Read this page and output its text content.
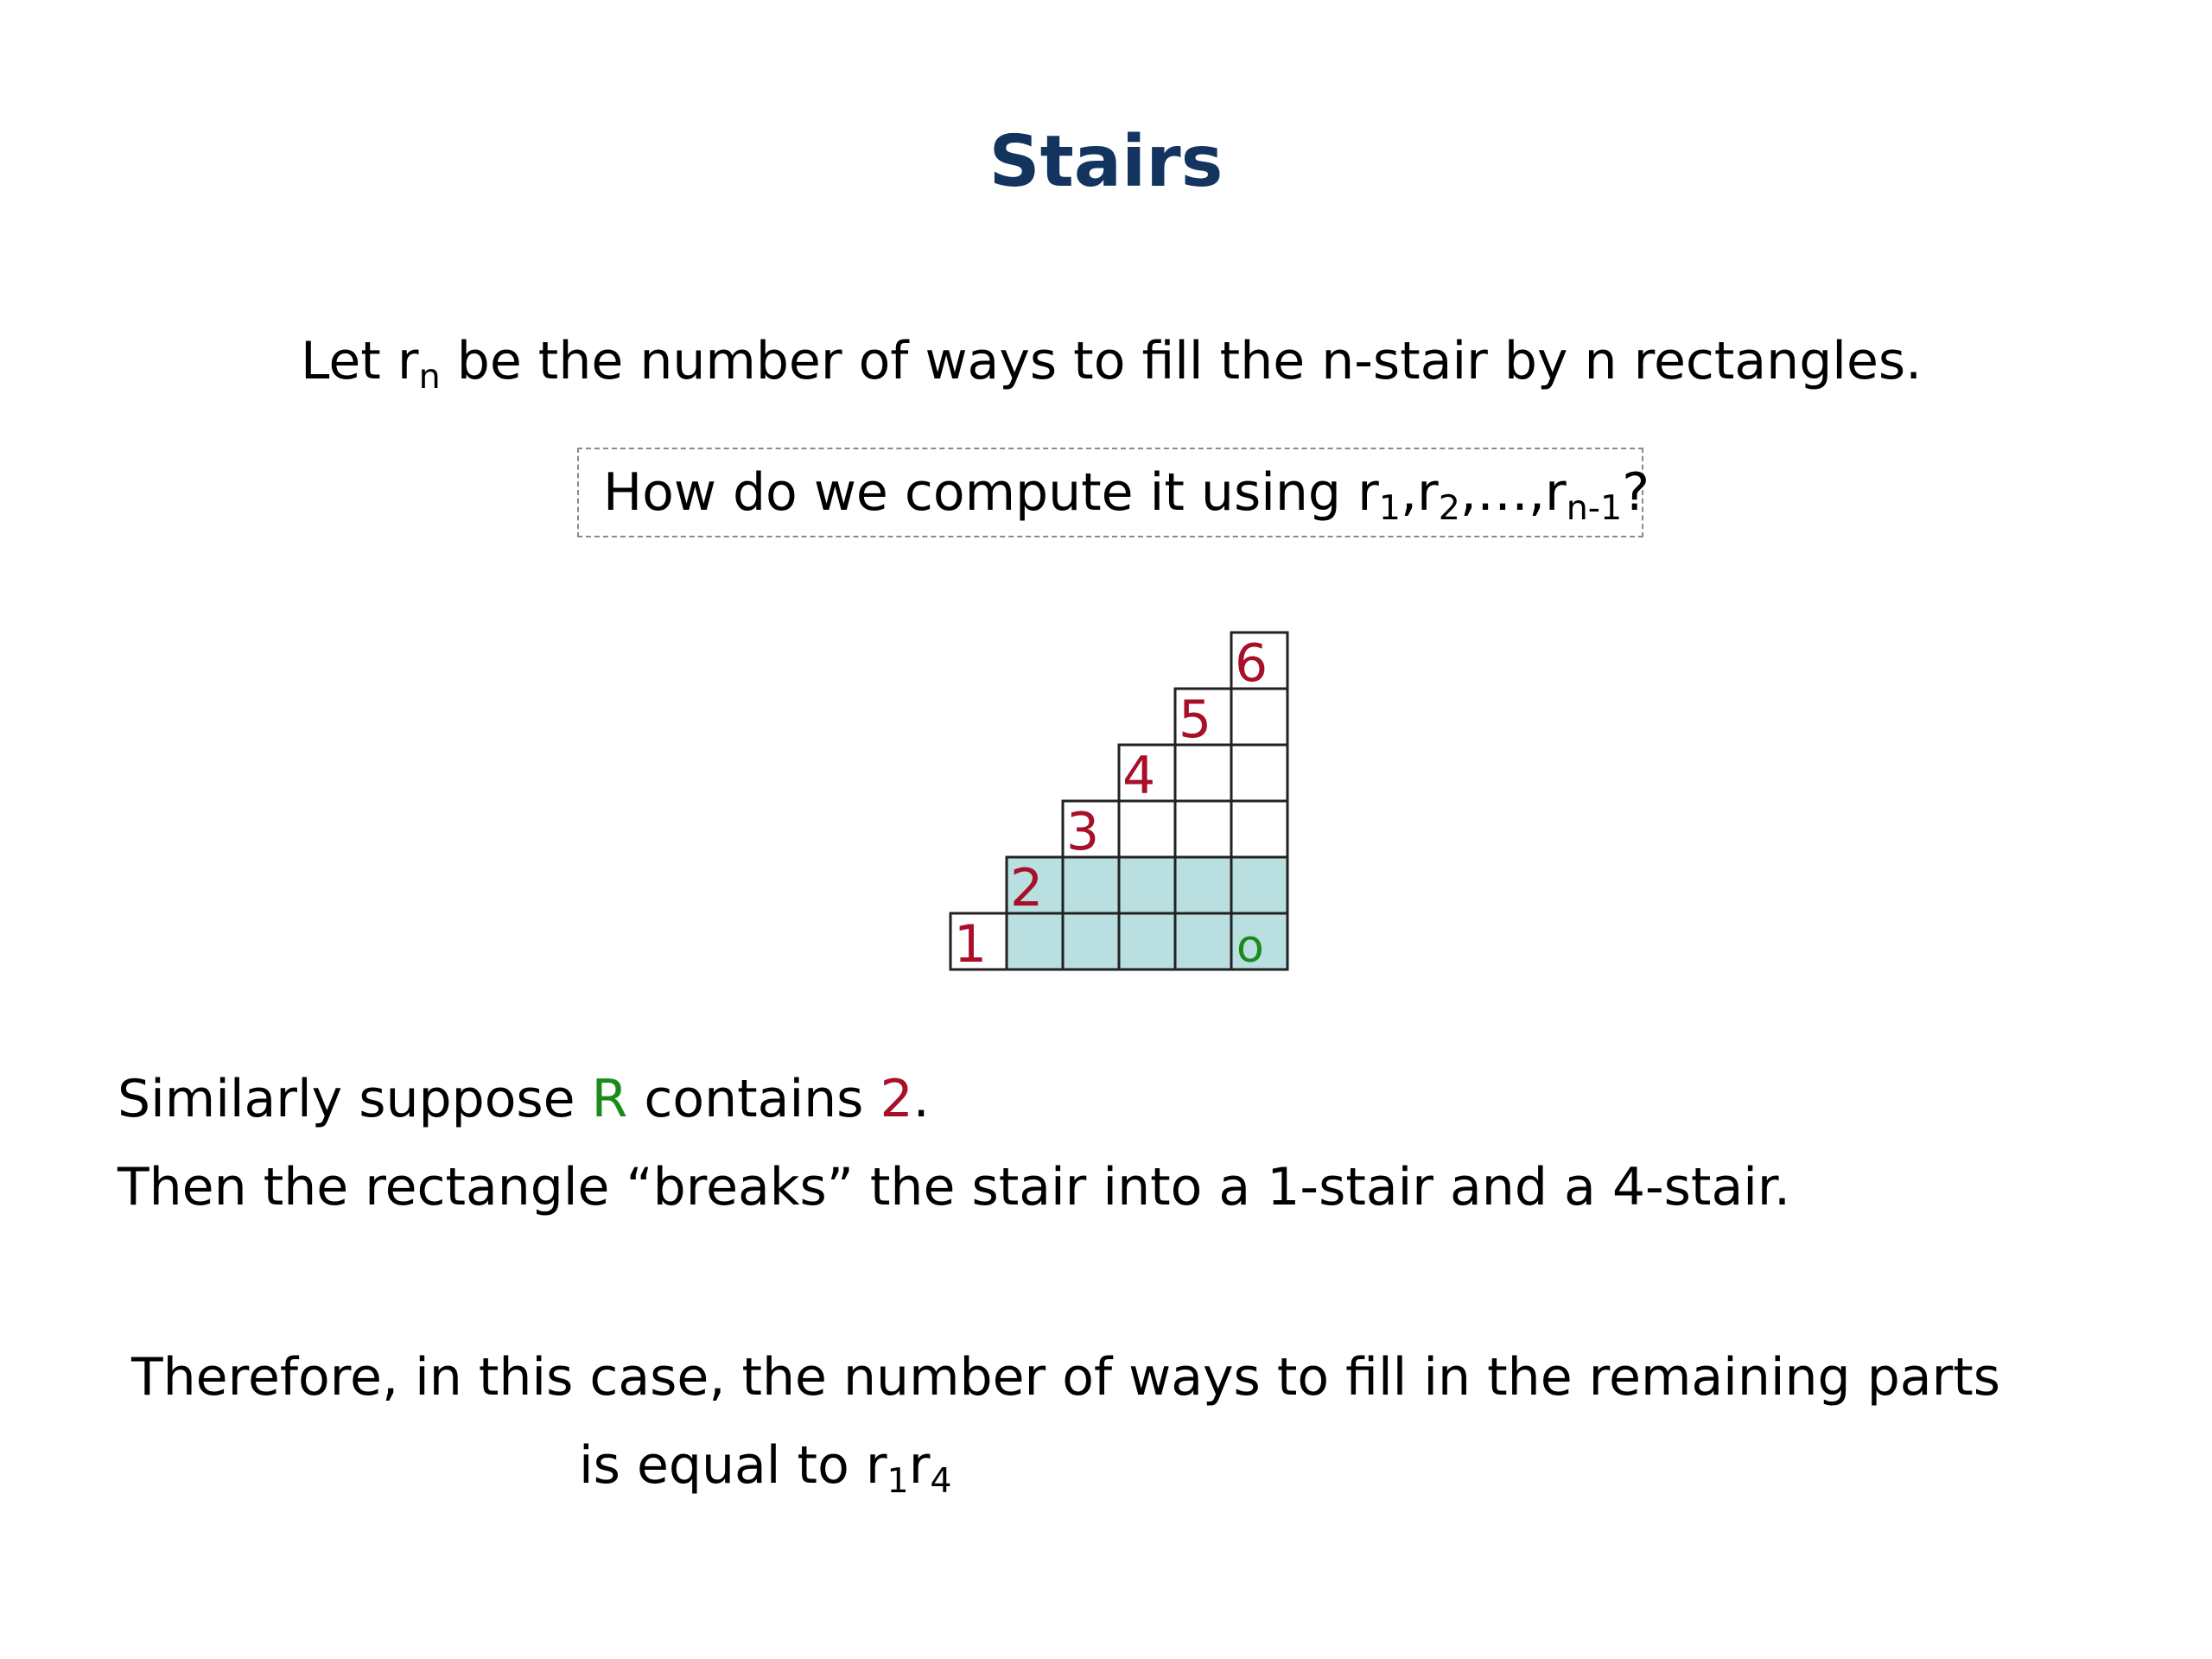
Stairs
Let $r_n$ be the number of ways to fill the n-stair by n rectangles.
How do we compute it using $r_1,r_2,\dots,r_{n-1}$?
1
2
3
4
5
6
o
Similarly suppose R contains 2.
Then the rectangle “breaks” the stair into a 1-stair and a 4-stair.
Therefore, in this case, the number of ways to fill in the remaining parts
is equal to $r_1r_4$
